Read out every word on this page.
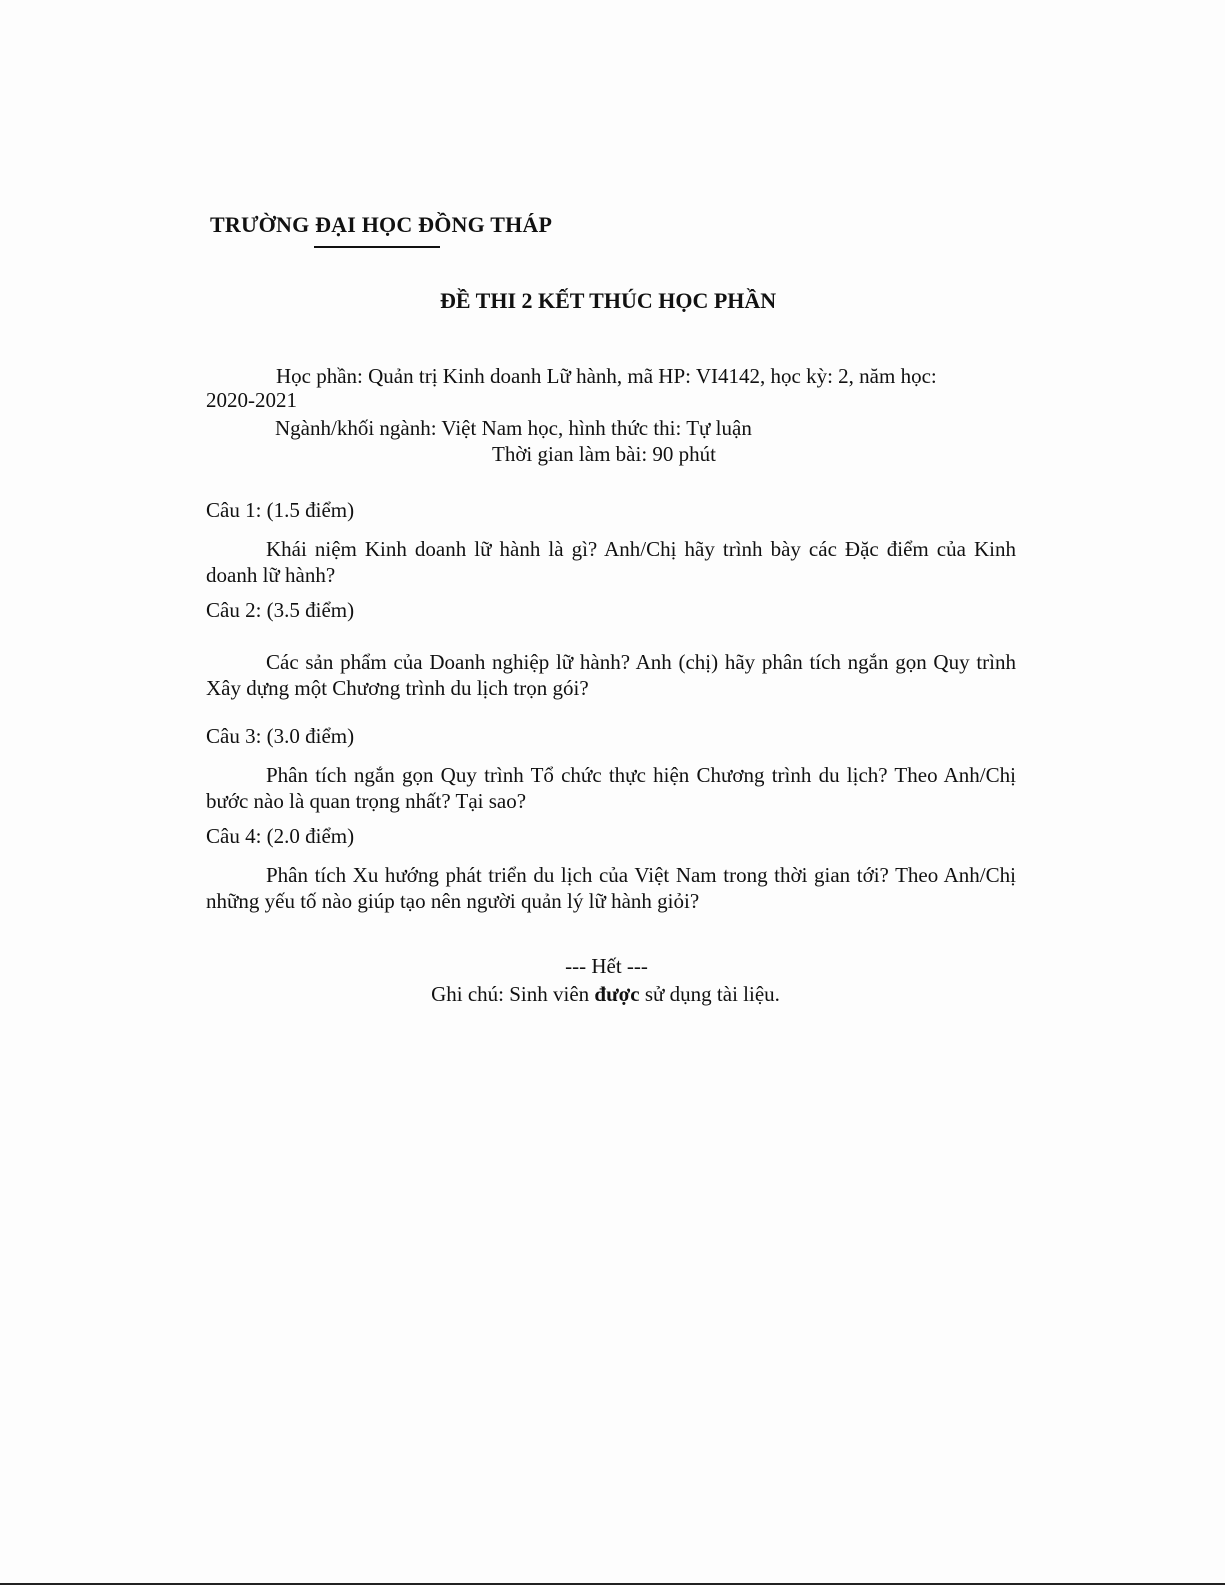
TRƯỜNG ĐẠI HỌC ĐỒNG THÁP
ĐỀ THI 2 KẾT THÚC HỌC PHẦN
Học phần: Quản trị Kinh doanh Lữ hành, mã HP: VI4142, học kỳ: 2, năm học:
2020-2021
Ngành/khối ngành: Việt Nam học, hình thức thi: Tự luận
Thời gian làm bài: 90 phút
Câu 1: (1.5 điểm)
Khái niệm Kinh doanh lữ hành là gì? Anh/Chị hãy trình bày các Đặc điểm của Kinh doanh lữ hành?
Câu 2: (3.5 điểm)
Các sản phẩm của Doanh nghiệp lữ hành? Anh (chị) hãy phân tích ngắn gọn Quy trình Xây dựng một Chương trình du lịch trọn gói?
Câu 3: (3.0 điểm)
Phân tích ngắn gọn Quy trình Tổ chức thực hiện Chương trình du lịch? Theo Anh/Chị bước nào là quan trọng nhất? Tại sao?
Câu 4: (2.0 điểm)
Phân tích Xu hướng phát triển du lịch của Việt Nam trong thời gian tới? Theo Anh/Chị những yếu tố nào giúp tạo nên người quản lý lữ hành giỏi?
--- Hết ---
Ghi chú: Sinh viên được sử dụng tài liệu.
